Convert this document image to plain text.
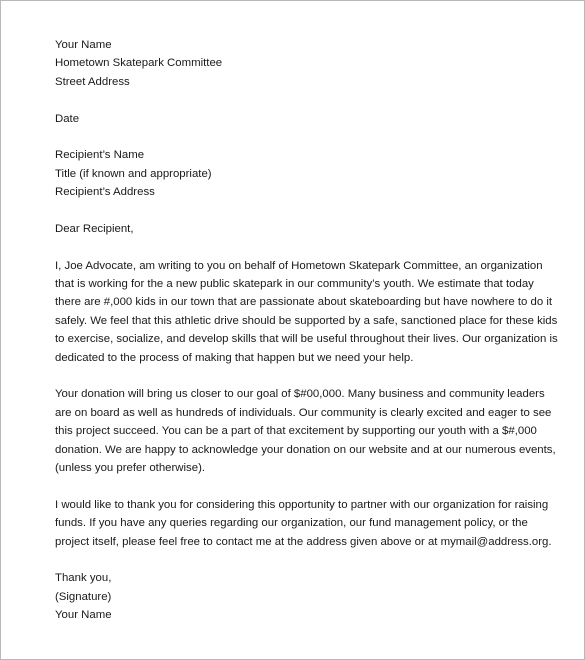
Your Name
Hometown Skatepark Committee
Street Address
Date
Recipient’s Name
Title (if known and appropriate)
Recipient’s Address
Dear Recipient,
I, Joe Advocate, am writing to you on behalf of Hometown Skatepark Committee, an organization
that is working for the a new public skatepark in our community’s youth. We estimate that today
there are #,000 kids in our town that are passionate about skateboarding but have nowhere to do it
safely. We feel that this athletic drive should be supported by a safe, sanctioned place for these kids
to exercise, socialize, and develop skills that will be useful throughout their lives. Our organization is
dedicated to the process of making that happen but we need your help.
Your donation will bring us closer to our goal of $#00,000. Many business and community leaders
are on board as well as hundreds of individuals. Our community is clearly excited and eager to see
this project succeed. You can be a part of that excitement by supporting our youth with a $#,000
donation. We are happy to acknowledge your donation on our website and at our numerous events,
(unless you prefer otherwise).
I would like to thank you for considering this opportunity to partner with our organization for raising
funds. If you have any queries regarding our organization, our fund management policy, or the
project itself, please feel free to contact me at the address given above or at mymail@address.org.
Thank you,
(Signature)
Your Name
